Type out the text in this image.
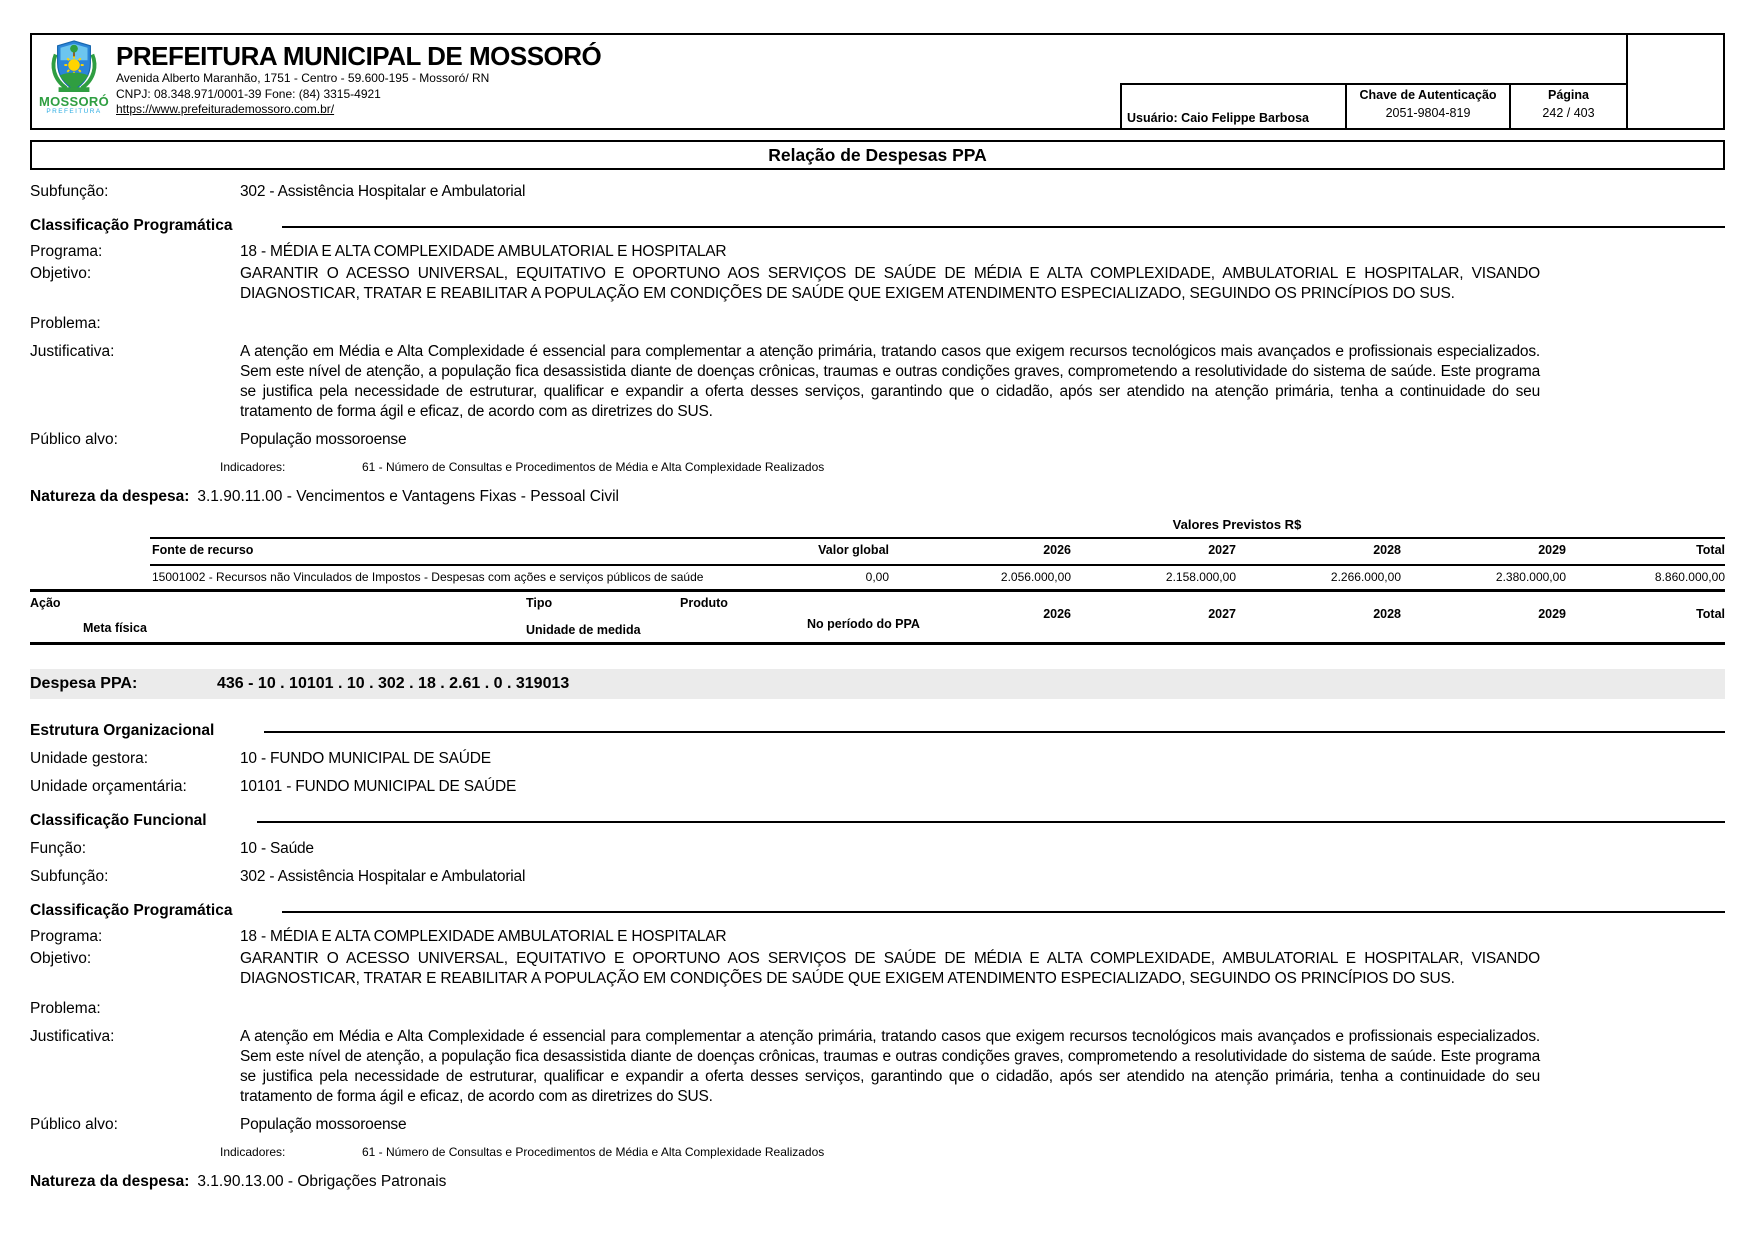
MOSSORÓ
PREFEITURA
PREFEITURA MUNICIPAL DE MOSSORÓ
Avenida Alberto Maranhão, 1751 - Centro - 59.600-195 - Mossoró/ RN
CNPJ: 08.348.971/0001-39 Fone: (84) 3315-4921
https://www.prefeiturademossoro.com.br/
Usuário: Caio Felippe Barbosa
Chave de Autenticação
2051-9804-819
Página
242 / 403
Relação de Despesas PPA
Subfunção:	302 - Assistência Hospitalar e Ambulatorial
Classificação Programática
Programa:	18 - MÉDIA E ALTA COMPLEXIDADE AMBULATORIAL E HOSPITALAR
Objetivo:	GARANTIR O ACESSO UNIVERSAL, EQUITATIVO E OPORTUNO AOS SERVIÇOS DE SAÚDE DE MÉDIA E ALTA COMPLEXIDADE, AMBULATORIAL E HOSPITALAR, VISANDO DIAGNOSTICAR, TRATAR E REABILITAR A POPULAÇÃO EM CONDIÇÕES DE SAÚDE QUE EXIGEM ATENDIMENTO ESPECIALIZADO, SEGUINDO OS PRINCÍPIOS DO SUS.
Problema:
Justificativa:	A atenção em Média e Alta Complexidade é essencial para complementar a atenção primária, tratando casos que exigem recursos tecnológicos mais avançados e profissionais especializados. Sem este nível de atenção, a população fica desassistida diante de doenças crônicas, traumas e outras condições graves, comprometendo a resolutividade do sistema de saúde. Este programa se justifica pela necessidade de estruturar, qualificar e expandir a oferta desses serviços, garantindo que o cidadão, após ser atendido na atenção primária, tenha a continuidade do seu tratamento de forma ágil e eficaz, de acordo com as diretrizes do SUS.
Público alvo:	População mossoroense
Indicadores:	61 - Número de Consultas e Procedimentos de Média e Alta Complexidade Realizados
Natureza da despesa: 3.1.90.11.00 - Vencimentos e Vantagens Fixas - Pessoal Civil
Valores Previstos R$
Fonte de recurso	Valor global	2026	2027	2028	2029	Total
15001002 - Recursos não Vinculados de Impostos - Despesas com ações e serviços públicos de saúde	0,00	2.056.000,00	2.158.000,00	2.266.000,00	2.380.000,00	8.860.000,00
Ação	Tipo	Produto
Meta física	Unidade de medida	No período do PPA
2026	2027	2028	2029	Total
Despesa PPA:	436 - 10 . 10101 . 10 . 302 . 18 . 2.61 . 0 . 319013
Estrutura Organizacional
Unidade gestora:	10 - FUNDO MUNICIPAL DE SAÚDE
Unidade orçamentária:	10101 - FUNDO MUNICIPAL DE SAÚDE
Classificação Funcional
Função:	10 - Saúde
Subfunção:	302 - Assistência Hospitalar e Ambulatorial
Classificação Programática
Programa:	18 - MÉDIA E ALTA COMPLEXIDADE AMBULATORIAL E HOSPITALAR
Objetivo:	GARANTIR O ACESSO UNIVERSAL, EQUITATIVO E OPORTUNO AOS SERVIÇOS DE SAÚDE DE MÉDIA E ALTA COMPLEXIDADE, AMBULATORIAL E HOSPITALAR, VISANDO DIAGNOSTICAR, TRATAR E REABILITAR A POPULAÇÃO EM CONDIÇÕES DE SAÚDE QUE EXIGEM ATENDIMENTO ESPECIALIZADO, SEGUINDO OS PRINCÍPIOS DO SUS.
Problema:
Justificativa:	A atenção em Média e Alta Complexidade é essencial para complementar a atenção primária, tratando casos que exigem recursos tecnológicos mais avançados e profissionais especializados. Sem este nível de atenção, a população fica desassistida diante de doenças crônicas, traumas e outras condições graves, comprometendo a resolutividade do sistema de saúde. Este programa se justifica pela necessidade de estruturar, qualificar e expandir a oferta desses serviços, garantindo que o cidadão, após ser atendido na atenção primária, tenha a continuidade do seu tratamento de forma ágil e eficaz, de acordo com as diretrizes do SUS.
Público alvo:	População mossoroense
Indicadores:	61 - Número de Consultas e Procedimentos de Média e Alta Complexidade Realizados
Natureza da despesa: 3.1.90.13.00 - Obrigações Patronais
